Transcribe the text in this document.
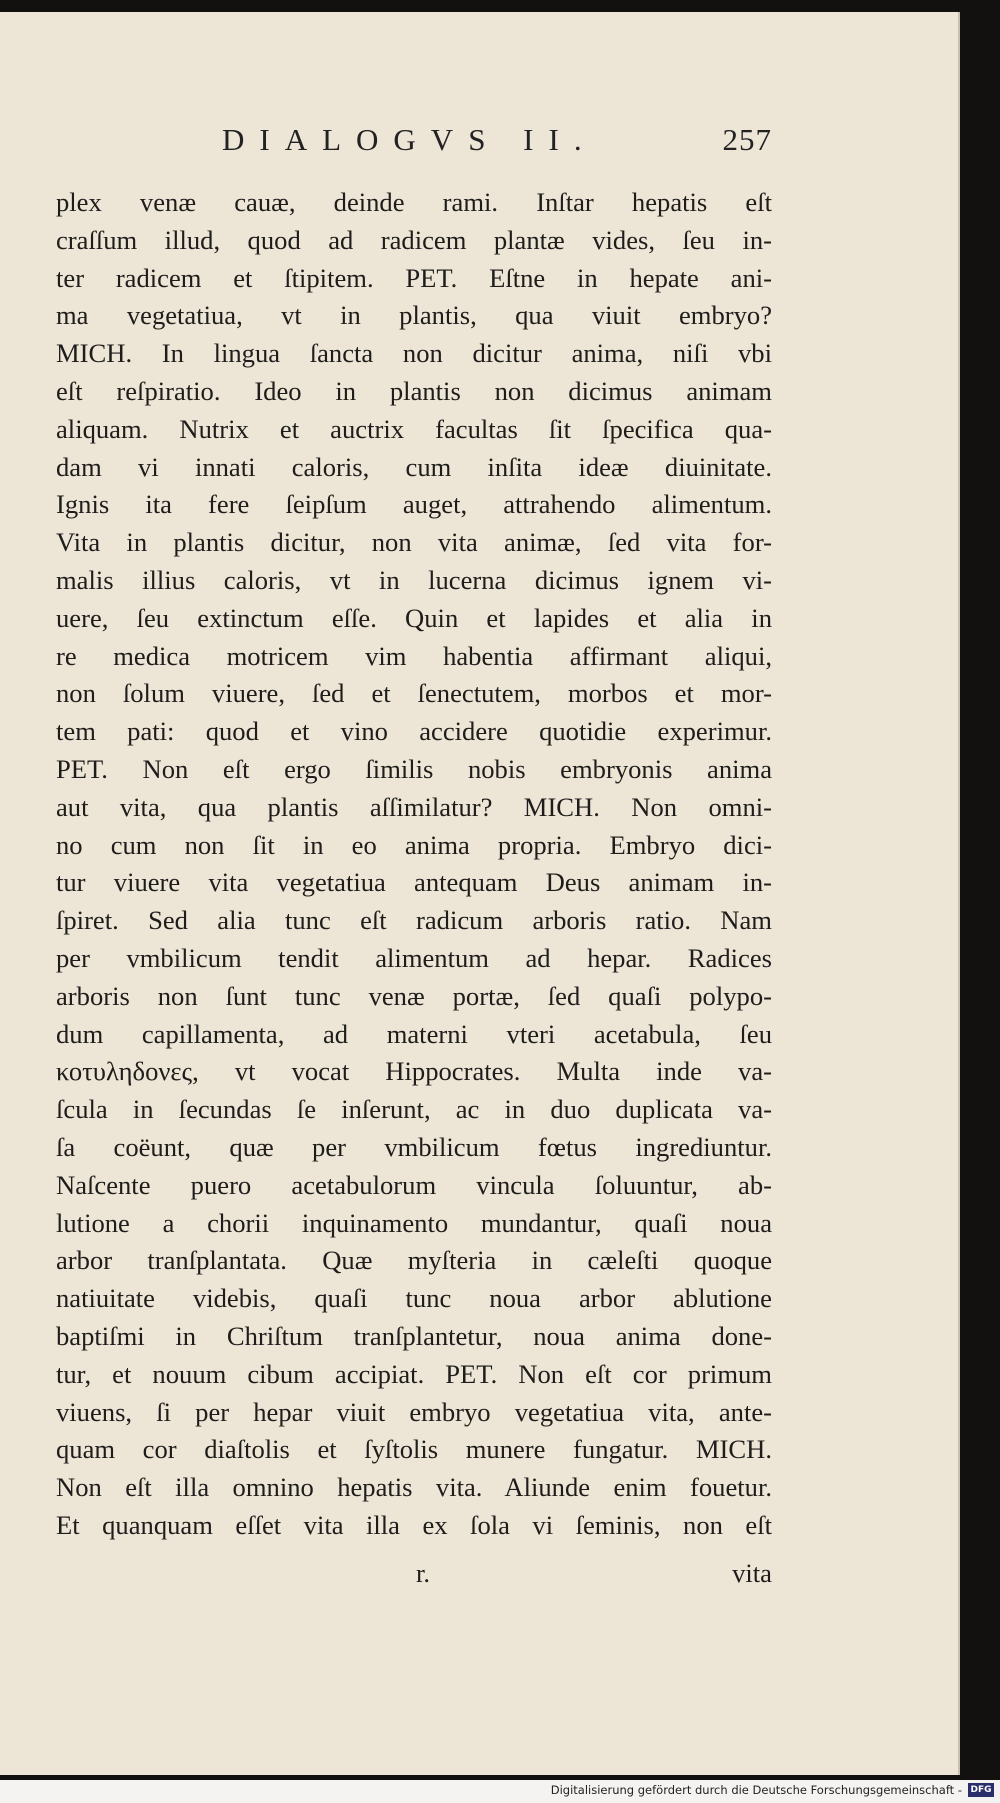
DIALOGVS II.	257
plex venæ cauæ, deinde rami. Inſtar hepatis eſt
craſſum illud, quod ad radicem plantæ vides, ſeu in-
ter radicem et ſtipitem. PET. Eſtne in hepate ani-
ma vegetatiua, vt in plantis, qua viuit embryo?
MICH. In lingua ſancta non dicitur anima, niſi vbi
eſt reſpiratio. Ideo in plantis non dicimus animam
aliquam. Nutrix et auctrix facultas ſit ſpecifica qua-
dam vi innati caloris, cum inſita ideæ diuinitate.
Ignis ita fere ſeipſum auget, attrahendo alimentum.
Vita in plantis dicitur, non vita animæ, ſed vita for-
malis illius caloris, vt in lucerna dicimus ignem vi-
uere, ſeu extinctum eſſe. Quin et lapides et alia in
re medica motricem vim habentia affirmant aliqui,
non ſolum viuere, ſed et ſenectutem, morbos et mor-
tem pati: quod et vino accidere quotidie experimur.
PET. Non eſt ergo ſimilis nobis embryonis anima
aut vita, qua plantis aſſimilatur? MICH. Non omni-
no cum non ſit in eo anima propria. Embryo dici-
tur viuere vita vegetatiua antequam Deus animam in-
ſpiret. Sed alia tunc eſt radicum arboris ratio. Nam
per vmbilicum tendit alimentum ad hepar. Radices
arboris non ſunt tunc venæ portæ, ſed quaſi polypo-
dum capillamenta, ad materni vteri acetabula, ſeu
κοτυληδονες, vt vocat Hippocrates. Multa inde va-
ſcula in ſecundas ſe inſerunt, ac in duo duplicata va-
ſa coëunt, quæ per vmbilicum fœtus ingrediuntur.
Naſcente puero acetabulorum vincula ſoluuntur, ab-
lutione a chorii inquinamento mundantur, quaſi noua
arbor tranſplantata. Quæ myſteria in cæleſti quoque
natiuitate videbis, quaſi tunc noua arbor ablutione
baptiſmi in Chriſtum tranſplantetur, noua anima done-
tur, et nouum cibum accipiat. PET. Non eſt cor primum
viuens, ſi per hepar viuit embryo vegetatiua vita, ante-
quam cor diaſtolis et ſyſtolis munere fungatur. MICH.
Non eſt illa omnino hepatis vita. Aliunde enim fouetur.
Et quanquam eſſet vita illa ex ſola vi ſeminis, non eſt
r.	vita
Digitalisierung gefördert durch die Deutsche Forschungsgemeinschaft - DFG
